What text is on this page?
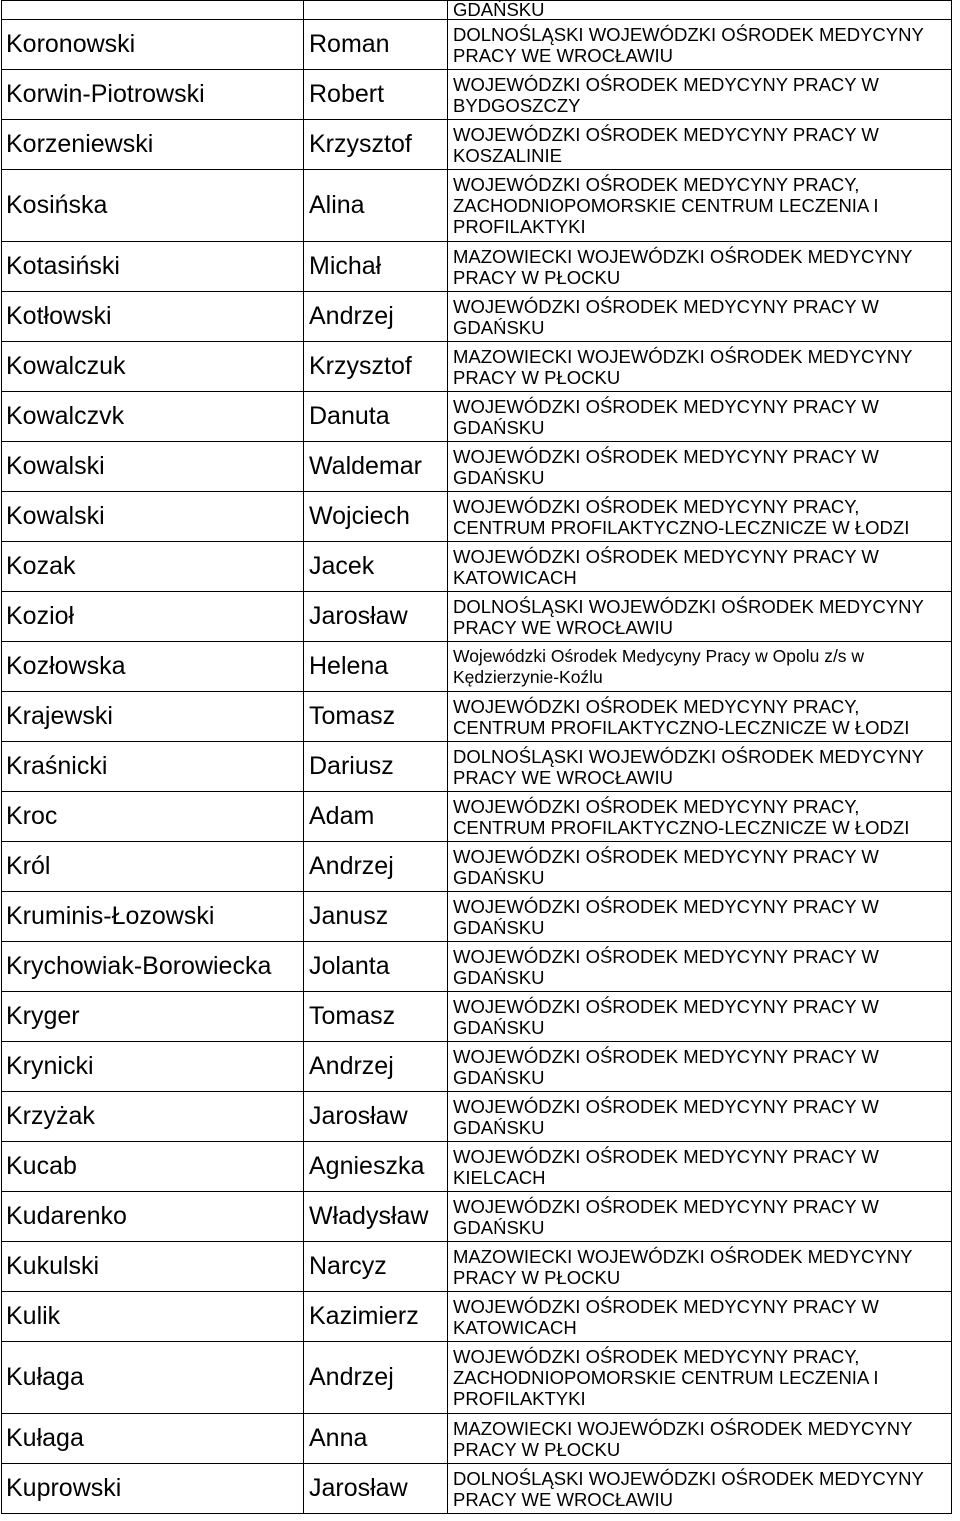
		GDAŃSKU
Koronowski	Roman	DOLNOŚLĄSKI WOJEWÓDZKI OŚRODEK MEDYCYNY PRACY WE WROCŁAWIU
Korwin-Piotrowski	Robert	WOJEWÓDZKI OŚRODEK MEDYCYNY PRACY W BYDGOSZCZY
Korzeniewski	Krzysztof	WOJEWÓDZKI OŚRODEK MEDYCYNY PRACY W KOSZALINIE
Kosińska	Alina	WOJEWÓDZKI OŚRODEK MEDYCYNY PRACY, ZACHODNIOPOMORSKIE CENTRUM LECZENIA I PROFILAKTYKI
Kotasiński	Michał	MAZOWIECKI WOJEWÓDZKI OŚRODEK MEDYCYNY PRACY W PŁOCKU
Kotłowski	Andrzej	WOJEWÓDZKI OŚRODEK MEDYCYNY PRACY W GDAŃSKU
Kowalczuk	Krzysztof	MAZOWIECKI WOJEWÓDZKI OŚRODEK MEDYCYNY PRACY W PŁOCKU
Kowalczvk	Danuta	WOJEWÓDZKI OŚRODEK MEDYCYNY PRACY W GDAŃSKU
Kowalski	Waldemar	WOJEWÓDZKI OŚRODEK MEDYCYNY PRACY W GDAŃSKU
Kowalski	Wojciech	WOJEWÓDZKI OŚRODEK MEDYCYNY PRACY, CENTRUM PROFILAKTYCZNO-LECZNICZE W ŁODZI
Kozak	Jacek	WOJEWÓDZKI OŚRODEK MEDYCYNY PRACY W KATOWICACH
Kozioł	Jarosław	DOLNOŚLĄSKI WOJEWÓDZKI OŚRODEK MEDYCYNY PRACY WE WROCŁAWIU
Kozłowska	Helena	Wojewódzki Ośrodek Medycyny Pracy w Opolu z/s w Kędzierzynie-Koźlu
Krajewski	Tomasz	WOJEWÓDZKI OŚRODEK MEDYCYNY PRACY, CENTRUM PROFILAKTYCZNO-LECZNICZE W ŁODZI
Kraśnicki	Dariusz	DOLNOŚLĄSKI WOJEWÓDZKI OŚRODEK MEDYCYNY PRACY WE WROCŁAWIU
Kroc	Adam	WOJEWÓDZKI OŚRODEK MEDYCYNY PRACY, CENTRUM PROFILAKTYCZNO-LECZNICZE W ŁODZI
Król	Andrzej	WOJEWÓDZKI OŚRODEK MEDYCYNY PRACY W GDAŃSKU
Kruminis-Łozowski	Janusz	WOJEWÓDZKI OŚRODEK MEDYCYNY PRACY W GDAŃSKU
Krychowiak-Borowiecka	Jolanta	WOJEWÓDZKI OŚRODEK MEDYCYNY PRACY W GDAŃSKU
Kryger	Tomasz	WOJEWÓDZKI OŚRODEK MEDYCYNY PRACY W GDAŃSKU
Krynicki	Andrzej	WOJEWÓDZKI OŚRODEK MEDYCYNY PRACY W GDAŃSKU
Krzyżak	Jarosław	WOJEWÓDZKI OŚRODEK MEDYCYNY PRACY W GDAŃSKU
Kucab	Agnieszka	WOJEWÓDZKI OŚRODEK MEDYCYNY PRACY W KIELCACH
Kudarenko	Władysław	WOJEWÓDZKI OŚRODEK MEDYCYNY PRACY W GDAŃSKU
Kukulski	Narcyz	MAZOWIECKI WOJEWÓDZKI OŚRODEK MEDYCYNY PRACY W PŁOCKU
Kulik	Kazimierz	WOJEWÓDZKI OŚRODEK MEDYCYNY PRACY W KATOWICACH
Kułaga	Andrzej	WOJEWÓDZKI OŚRODEK MEDYCYNY PRACY, ZACHODNIOPOMORSKIE CENTRUM LECZENIA I PROFILAKTYKI
Kułaga	Anna	MAZOWIECKI WOJEWÓDZKI OŚRODEK MEDYCYNY PRACY W PŁOCKU
Kuprowski	Jarosław	DOLNOŚLĄSKI WOJEWÓDZKI OŚRODEK MEDYCYNY PRACY WE WROCŁAWIU
